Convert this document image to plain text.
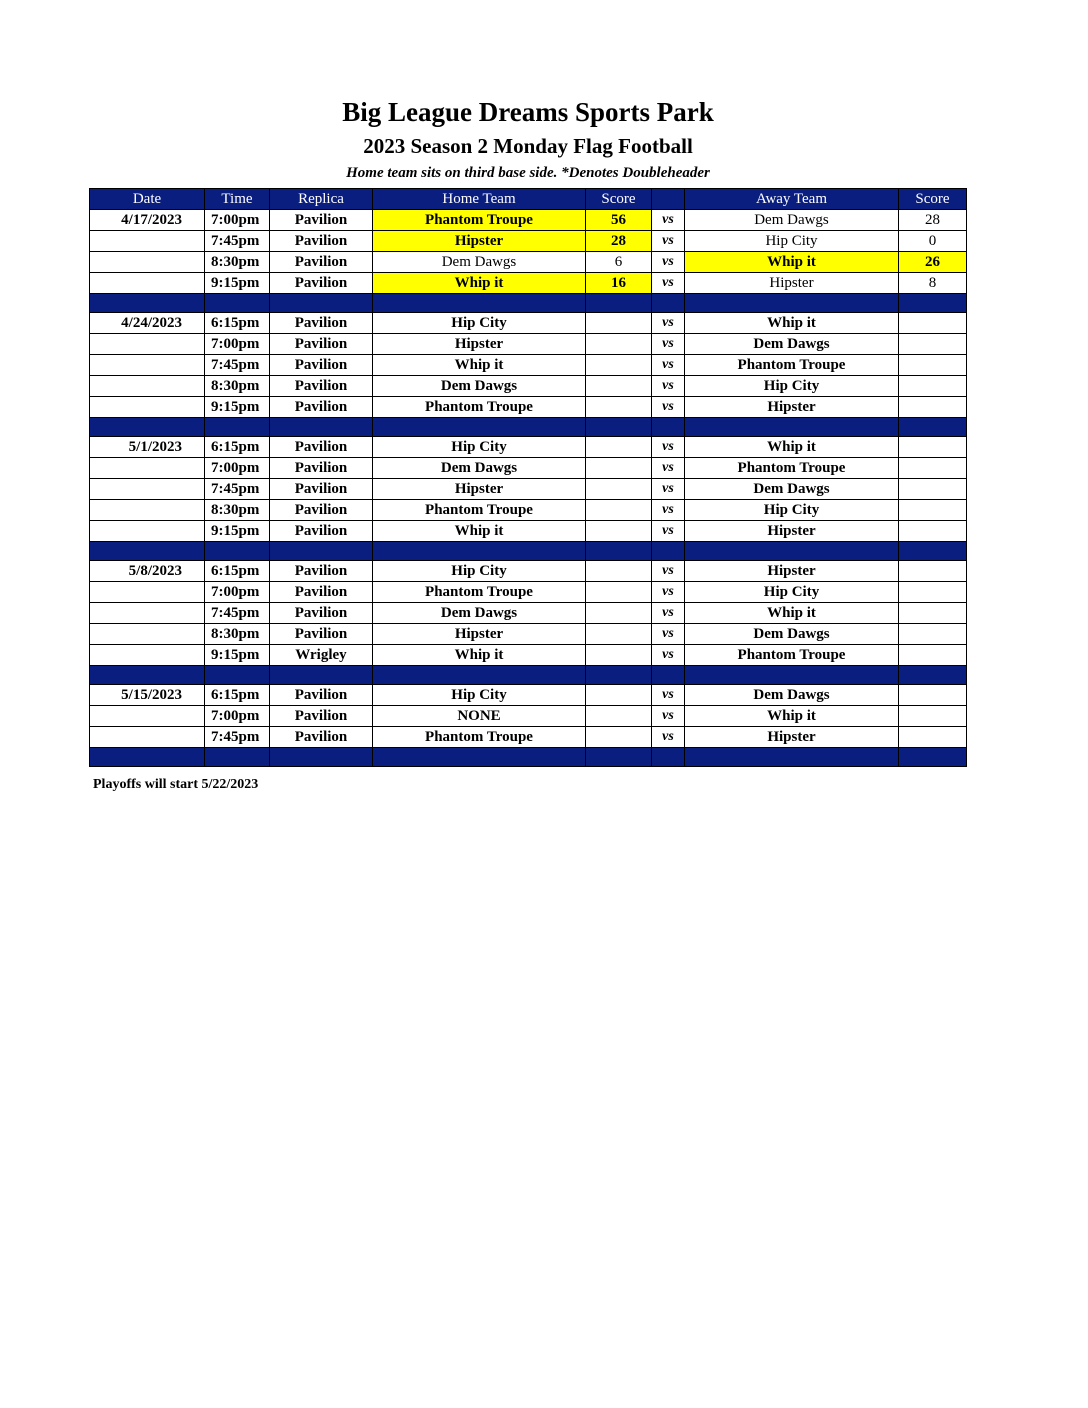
Big League Dreams Sports Park
2023 Season 2 Monday Flag Football
Home team sits on third base side. *Denotes Doubleheader
Date	Time	Replica	Home Team	Score		Away Team	Score
4/17/2023	7:00pm	Pavilion	Phantom Troupe	56	vs	Dem Dawgs	28
	7:45pm	Pavilion	Hipster	28	vs	Hip City	0
	8:30pm	Pavilion	Dem Dawgs	6	vs	Whip it	26
	9:15pm	Pavilion	Whip it	16	vs	Hipster	8

4/24/2023	6:15pm	Pavilion	Hip City		vs	Whip it	
	7:00pm	Pavilion	Hipster		vs	Dem Dawgs	
	7:45pm	Pavilion	Whip it		vs	Phantom Troupe	
	8:30pm	Pavilion	Dem Dawgs		vs	Hip City	
	9:15pm	Pavilion	Phantom Troupe		vs	Hipster	

5/1/2023	6:15pm	Pavilion	Hip City		vs	Whip it	
	7:00pm	Pavilion	Dem Dawgs		vs	Phantom Troupe	
	7:45pm	Pavilion	Hipster		vs	Dem Dawgs	
	8:30pm	Pavilion	Phantom Troupe		vs	Hip City	
	9:15pm	Pavilion	Whip it		vs	Hipster	

5/8/2023	6:15pm	Pavilion	Hip City		vs	Hipster	
	7:00pm	Pavilion	Phantom Troupe		vs	Hip City	
	7:45pm	Pavilion	Dem Dawgs		vs	Whip it	
	8:30pm	Pavilion	Hipster		vs	Dem Dawgs	
	9:15pm	Wrigley	Whip it		vs	Phantom Troupe	

5/15/2023	6:15pm	Pavilion	Hip City		vs	Dem Dawgs	
	7:00pm	Pavilion	NONE		vs	Whip it	
	7:45pm	Pavilion	Phantom Troupe		vs	Hipster	

Playoffs will start 5/22/2023
